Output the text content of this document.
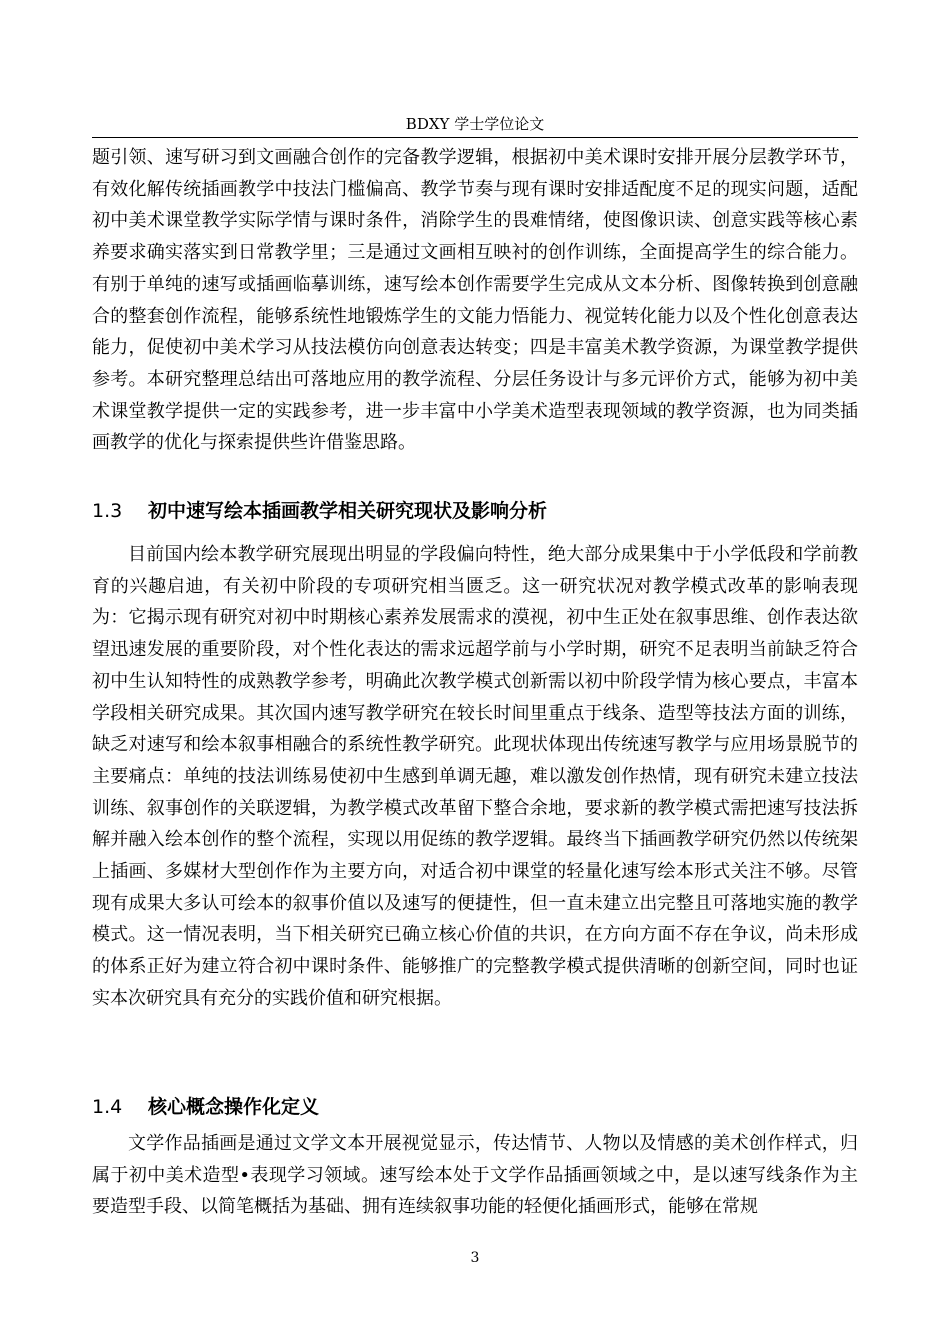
BDXY 学士学位论文

题引领、速写研习到文画融合创作的完备教学逻辑，根据初中美术课时安排开展分层教学环节，有效化解传统插画教学中技法门槛偏高、教学节奏与现有课时安排适配度不足的现实问题，适配初中美术课堂教学实际学情与课时条件，消除学生的畏难情绪，使图像识读、创意实践等核心素养要求确实落实到日常教学里；三是通过文画相互映衬的创作训练，全面提高学生的综合能力。有别于单纯的速写或插画临摹训练，速写绘本创作需要学生完成从文本分析、图像转换到创意融合的整套创作流程，能够系统性地锻炼学生的文能力悟能力、视觉转化能力以及个性化创意表达能力，促使初中美术学习从技法模仿向创意表达转变；四是丰富美术教学资源，为课堂教学提供参考。本研究整理总结出可落地应用的教学流程、分层任务设计与多元评价方式，能够为初中美术课堂教学提供一定的实践参考，进一步丰富中小学美术造型表现领域的教学资源，也为同类插画教学的优化与探索提供些许借鉴思路。

1.3 初中速写绘本插画教学相关研究现状及影响分析

目前国内绘本教学研究展现出明显的学段偏向特性，绝大部分成果集中于小学低段和学前教育的兴趣启迪，有关初中阶段的专项研究相当匮乏。这一研究状况对教学模式改革的影响表现为：它揭示现有研究对初中时期核心素养发展需求的漠视，初中生正处在叙事思维、创作表达欲望迅速发展的重要阶段，对个性化表达的需求远超学前与小学时期，研究不足表明当前缺乏符合初中生认知特性的成熟教学参考，明确此次教学模式创新需以初中阶段学情为核心要点，丰富本学段相关研究成果。其次国内速写教学研究在较长时间里重点于线条、造型等技法方面的训练，缺乏对速写和绘本叙事相融合的系统性教学研究。此现状体现出传统速写教学与应用场景脱节的主要痛点：单纯的技法训练易使初中生感到单调无趣，难以激发创作热情，现有研究未建立技法训练、叙事创作的关联逻辑，为教学模式改革留下整合余地，要求新的教学模式需把速写技法拆解并融入绘本创作的整个流程，实现以用促练的教学逻辑。最终当下插画教学研究仍然以传统架上插画、多媒材大型创作作为主要方向，对适合初中课堂的轻量化速写绘本形式关注不够。尽管现有成果大多认可绘本的叙事价值以及速写的便捷性，但一直未建立出完整且可落地实施的教学模式。这一情况表明，当下相关研究已确立核心价值的共识，在方向方面不存在争议，尚未形成的体系正好为建立符合初中课时条件、能够推广的完整教学模式提供清晰的创新空间，同时也证实本次研究具有充分的实践价值和研究根据。

1.4 核心概念操作化定义

文学作品插画是通过文学文本开展视觉显示，传达情节、人物以及情感的美术创作样式，归属于初中美术造型•表现学习领域。速写绘本处于文学作品插画领域之中，是以速写线条作为主要造型手段、以简笔概括为基础、拥有连续叙事功能的轻便化插画形式，能够在常规

3
